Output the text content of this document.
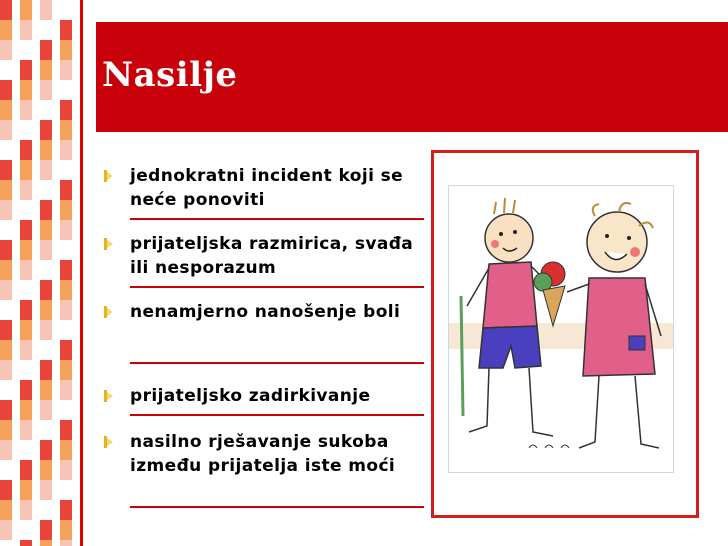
Nasilje
jednokratni incident koji se neće ponoviti
prijateljska razmirica, svađa ili nesporazum
nenamjerno nanošenje boli
prijateljsko zadirkivanje
nasilno rješavanje sukoba između prijatelja iste moći
